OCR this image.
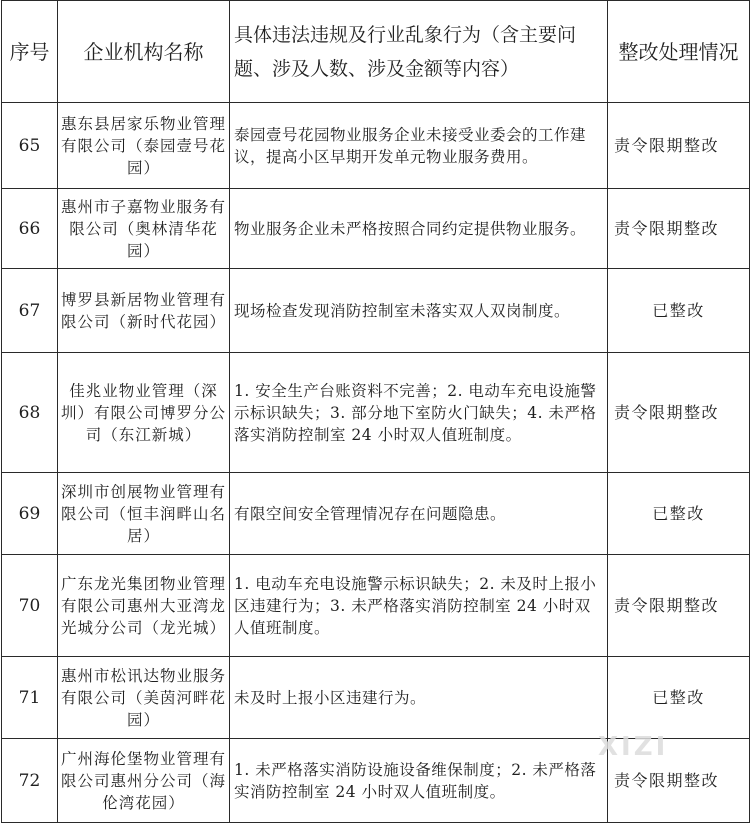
序号	企业机构名称	具体违法违规及行业乱象行为（含主要问题、涉及人数、涉及金额等内容）	整改处理情况
65	惠东县居家乐物业管理有限公司（泰园壹号花园）	泰园壹号花园物业服务企业未接受业委会的工作建议，提高小区早期开发单元物业服务费用。	责令限期整改
66	惠州市子嘉物业服务有限公司（奥林清华花园）	物业服务企业未严格按照合同约定提供物业服务。	责令限期整改
67	博罗县新居物业管理有限公司（新时代花园）	现场检查发现消防控制室未落实双人双岗制度。	已整改
68	佳兆业物业管理（深圳）有限公司博罗分公司（东江新城）	1. 安全生产台账资料不完善；2. 电动车充电设施警示标识缺失；3. 部分地下室防火门缺失；4. 未严格落实消防控制室 24 小时双人值班制度。	责令限期整改
69	深圳市创展物业管理有限公司（恒丰润畔山名居）	有限空间安全管理情况存在问题隐患。	已整改
70	广东龙光集团物业管理有限公司惠州大亚湾龙光城分公司（龙光城）	1. 电动车充电设施警示标识缺失；2. 未及时上报小区违建行为；3. 未严格落实消防控制室 24 小时双人值班制度。	责令限期整改
71	惠州市松讯达物业服务有限公司（美茵河畔花园）	未及时上报小区违建行为。	已整改
72	广州海伦堡物业管理有限公司惠州分公司（海伦湾花园）	1. 未严格落实消防设施设备维保制度；2. 未严格落实消防控制室 24 小时双人值班制度。	责令限期整改
XIZI
